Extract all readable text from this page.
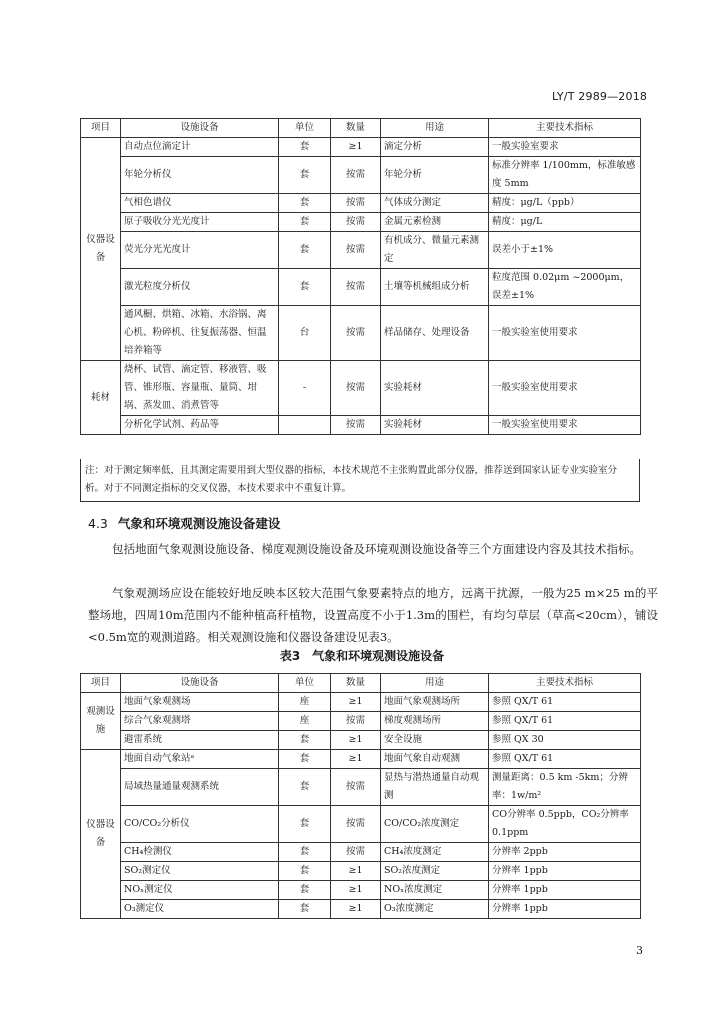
LY/T 2989—2018
项目	设施设备	单位	数量	用途	主要技术指标
仪器设备	自动点位滴定计	套	≥1	滴定分析	一般实验室要求
	年轮分析仪	套	按需	年轮分析	标准分辨率 1/100mm，标准敏感度 5mm
	气相色谱仪	套	按需	气体成分测定	精度：μg/L（ppb）
	原子吸收分光光度计	套	按需	金属元素检测	精度：μg/L
	荧光分光光度计	套	按需	有机成分、微量元素测定	误差小于±1%
	激光粒度分析仪	套	按需	土壤等机械组成分析	粒度范围 0.02μm ~2000μm，误差±1%
	通风橱、烘箱、冰箱、水浴锅、离心机、粉碎机、往复振荡器、恒温培养箱等	台	按需	样品储存、处理设备	一般实验室使用要求
耗材	烧杯、试管、滴定管、移液管、吸管、锥形瓶、容量瓶、量筒、坩埚、蒸发皿、消煮管等	-	按需	实验耗材	一般实验室使用要求
	分析化学试剂、药品等		按需	实验耗材	一般实验室使用要求
注：对于测定频率低，且其测定需要用到大型仪器的指标，本技术规范不主张购置此部分仪器，推荐送到国家认证专业实验室分析。对于不同测定指标的交叉仪器，本技术要求中不重复计算。
4.3 气象和环境观测设施设备建设
包括地面气象观测设施设备、梯度观测设施设备及环境观测设施设备等三个方面建设内容及其技术指标。
气象观测场应设在能较好地反映本区较大范围气象要素特点的地方，远离干扰源，一般为25 m×25 m的平整场地，四周10m范围内不能种植高秆植物，设置高度不小于1.3m的围栏，有均匀草层（草高<20cm），铺设<0.5m宽的观测道路。相关观测设施和仪器设备建设见表3。
表3　气象和环境观测设施设备
项目	设施设备	单位	数量	用途	主要技术指标
观测设施	地面气象观测场	座	≥1	地面气象观测场所	参照 QX/T 61
	综合气象观测塔	座	按需	梯度观测场所	参照 QX/T 61
	避雷系统	套	≥1	安全设施	参照 QX 30
仪器设备	地面自动气象站ᵃ	套	≥1	地面气象自动观测	参照 QX/T 61
	局域热量通量观测系统	套	按需	显热与潜热通量自动观测	测量距离：0.5 km -5km；分辨率：1w/m²
	CO/CO₂分析仪	套	按需	CO/CO₂浓度测定	CO分辨率 0.5ppb，CO₂分辨率 0.1ppm
	CH₄检测仪	套	按需	CH₄浓度测定	分辨率 2ppb
	SO₂测定仪	套	≥1	SO₂浓度测定	分辨率 1ppb
	NOₓ测定仪	套	≥1	NOₓ浓度测定	分辨率 1ppb
	O₃测定仪	套	≥1	O₃浓度测定	分辨率 1ppb
3
